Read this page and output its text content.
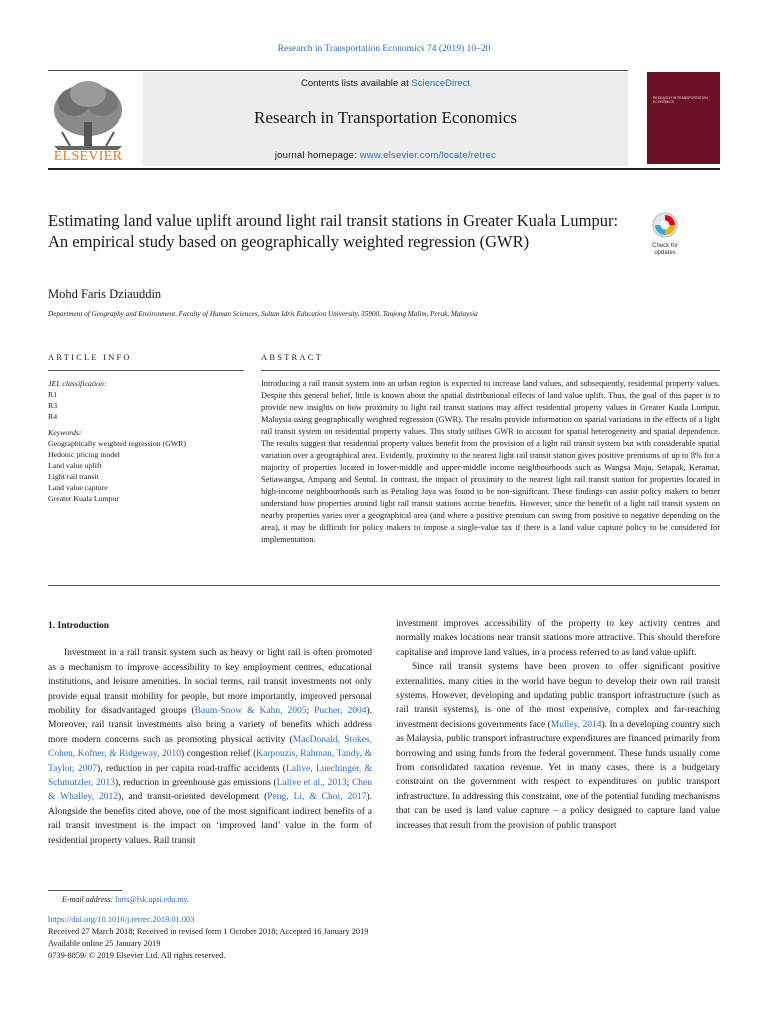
Research in Transportation Economics 74 (2019) 10–20
ELSEVIER
Contents lists available at ScienceDirect
Research in Transportation Economics
journal homepage: www.elsevier.com/locate/retrec
RESEARCH IN TRANSPORTATION ECONOMICS
Estimating land value uplift around light rail transit stations in Greater Kuala Lumpur: An empirical study based on geographically weighted regression (GWR)	Check for
updates
Mohd Faris Dziauddin
Department of Geography and Environment, Faculty of Human Sciences, Sultan Idris Education University, 35900, Tanjong Malim, Perak, Malaysia
ARTICLE INFO	ABSTRACT
JEL classification:
R1
R3
R4
Keywords:
Geographically weighted regression (GWR)
Hedonic pricing model
Land value uplift
Light rail transit
Land value capture
Greater Kuala Lumpur
Introducing a rail transit system into an urban region is expected to increase land values, and subsequently, residential property values. Despite this general belief, little is known about the spatial distributional effects of land value uplift. Thus, the goal of this paper is to provide new insights on how proximity to light rail transit stations may affect residential property values in Greater Kuala Lumpur, Malaysia using geographically weighted regression (GWR). The results provide information on spatial variations in the effects of a light rail transit system on residential property values. This study utilises GWR to account for spatial heterogeneity and spatial dependence. The results suggest that residential property values benefit from the provision of a light rail transit system but with considerable spatial variation over a geographical area. Evidently, proximity to the nearest light rail transit station gives positive premiums of up to 8% for a majority of properties located in lower-middle and upper-middle income neighbourhoods such as Wangsa Maju, Setapak, Keramat, Setiawangsa, Ampang and Sentul. In contrast, the impact of proximity to the nearest light rail transit station for properties located in high-income neighbourhoods such as Petaling Jaya was found to be non-significant. These findings can assist policy makers to better understand how properties around light rail transit stations accrue benefits. However, since the benefit of a light rail transit system on nearby properties varies over a geographical area (and where a positive premium can swing from positive to negative depending on the area), it may be difficult for policy makers to impose a single-value tax if there is a land value capture policy to be considered for implementation.
1. Introduction
Investment in a rail transit system such as heavy or light rail is often promoted as a mechanism to improve accessibility to key employment centres, educational institutions, and leisure amenities. In social terms, rail transit investments not only provide equal transit mobility for people, but more importantly, improved personal mobility for disadvantaged groups (Baum-Snow & Kahn, 2005; Pucher, 2004). Moreover, rail transit investments also bring a variety of benefits which address more modern concerns such as promoting physical activity (MacDonald, Stokes, Cohen, Kofner, & Ridgeway, 2010) congestion relief (Karpouzis, Rahman, Tandy, & Taylor, 2007), reduction in per capita road-traffic accidents (Lalive, Luechinger, & Schmutzler, 2013), reduction in greenhouse gas emissions (Lalive et al., 2013; Chen & Whalley, 2012), and transit-oriented development (Peng, Li, & Choi, 2017). Alongside the benefits cited above, one of the most significant indirect benefits of a rail transit investment is the impact on ‘improved land’ value in the form of residential property values. Rail transit
investment improves accessibility of the property to key activity centres and normally makes locations near transit stations more attractive. This should therefore capitalise and improve land values, in a process referred to as land value uplift.
Since rail transit systems have been proven to offer significant positive externalities, many cities in the world have begun to develop their own rail transit systems. However, developing and updating public transport infrastructure (such as rail transit systems), is one of the most expensive, complex and far-reaching investment decisions governments face (Mulley, 2014). In a developing country such as Malaysia, public transport infrastructure expenditures are financed primarily from borrowing and using funds from the federal government. These funds usually come from consolidated taxation revenue. Yet in many cases, there is a budgetary constraint on the government with respect to expenditures on public transport infrastructure. In addressing this constraint, one of the potential funding mechanisms that can be used is land value capture – a policy designed to capture land value increases that result from the provision of public transport
E-mail address: faris@fsk.upsi.edu.my.
https://doi.org/10.1016/j.retrec.2019.01.003
Received 27 March 2018; Received in revised form 1 October 2018; Accepted 16 January 2019
Available online 25 January 2019
0739-8859/ © 2019 Elsevier Ltd. All rights reserved.
